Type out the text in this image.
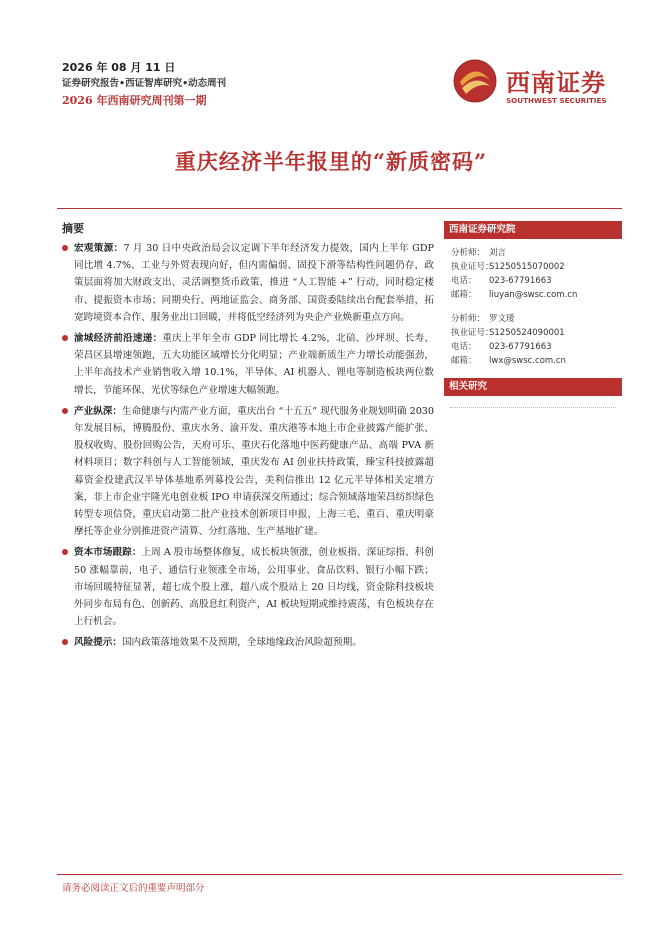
2026 年 08 月 11 日
证券研究报告•西证智库研究•动态周刊
2026 年西南研究周刊第一期
西南证券
SOUTHWEST SECURITIES
重庆经济半年报里的“新质密码”
摘要
宏观策源：7 月 30 日中央政治局会议定调下半年经济发力提效，国内上半年 GDP 同比增 4.7%、工业与外贸表现向好，但内需偏弱、固投下滑等结构性问题仍存，政策层面将加大财政支出、灵活调整货币政策，推进 “人工智能 +” 行动，同时稳定楼市、提振资本市场；同期央行、两地证监会、商务部、国资委陆续出台配套举措，拓宽跨境资本合作、服务业出口回暖，并将低空经济列为央企产业焕新重点方向。
渝城经济前沿速递：重庆上半年全市 GDP 同比增长 4.2%，北碚、沙坪坝、长寿、荣昌区县增速领跑，五大功能区域增长分化明显；产业端新质生产力增长动能强劲，上半年高技术产业销售收入增 10.1%，半导体、AI 机器人、锂电等制造板块两位数增长，节能环保、光伏等绿色产业增速大幅领跑。
产业纵深：生命健康与内需产业方面，重庆出台 “十五五” 现代服务业规划明确 2030 年发展目标，博腾股份、重庆水务、渝开发、重庆港等本地上市企业披露产能扩张、股权收购、股份回购公告，天府可乐、重庆石化落地中医药健康产品、高端 PVA 新材料项目；数字科创与人工智能领域，重庆发布 AI 创业扶持政策，臻宝科技披露超募资金投建武汉半导体基地系列募投公告，美利信推出 12 亿元半导体相关定增方案，非上市企业宇隆光电创业板 IPO 申请获深交所通过；综合领域落地荣昌纺织绿色转型专项信贷，重庆启动第二批产业技术创新项目申报，上海三毛、重百、重庆明豪摩托等企业分别推进资产清算、分红落地、生产基地扩建。
资本市场跟踪：上周 A 股市场整体修复，成长板块领涨，创业板指、深证综指、科创 50 涨幅靠前，电子、通信行业领涨全市场，公用事业、食品饮料、银行小幅下跌；市场回暖特征显著，超七成个股上涨，超八成个股站上 20 日均线，资金除科技板块外同步布局有色、创新药、高股息红利资产，AI 板块短期或维持震荡，有色板块存在上行机会。
风险提示：国内政策落地效果不及预期，全球地缘政治风险超预期。
西南证券研究院
分析师： 刘言
执业证号：S1250515070002
电话： 023-67791663
邮箱： liuyan@swsc.com.cn
分析师： 罗文瑷
执业证号：S1250524090001
电话： 023-67791663
邮箱： lwx@swsc.com.cn
相关研究
请务必阅读正文后的重要声明部分
